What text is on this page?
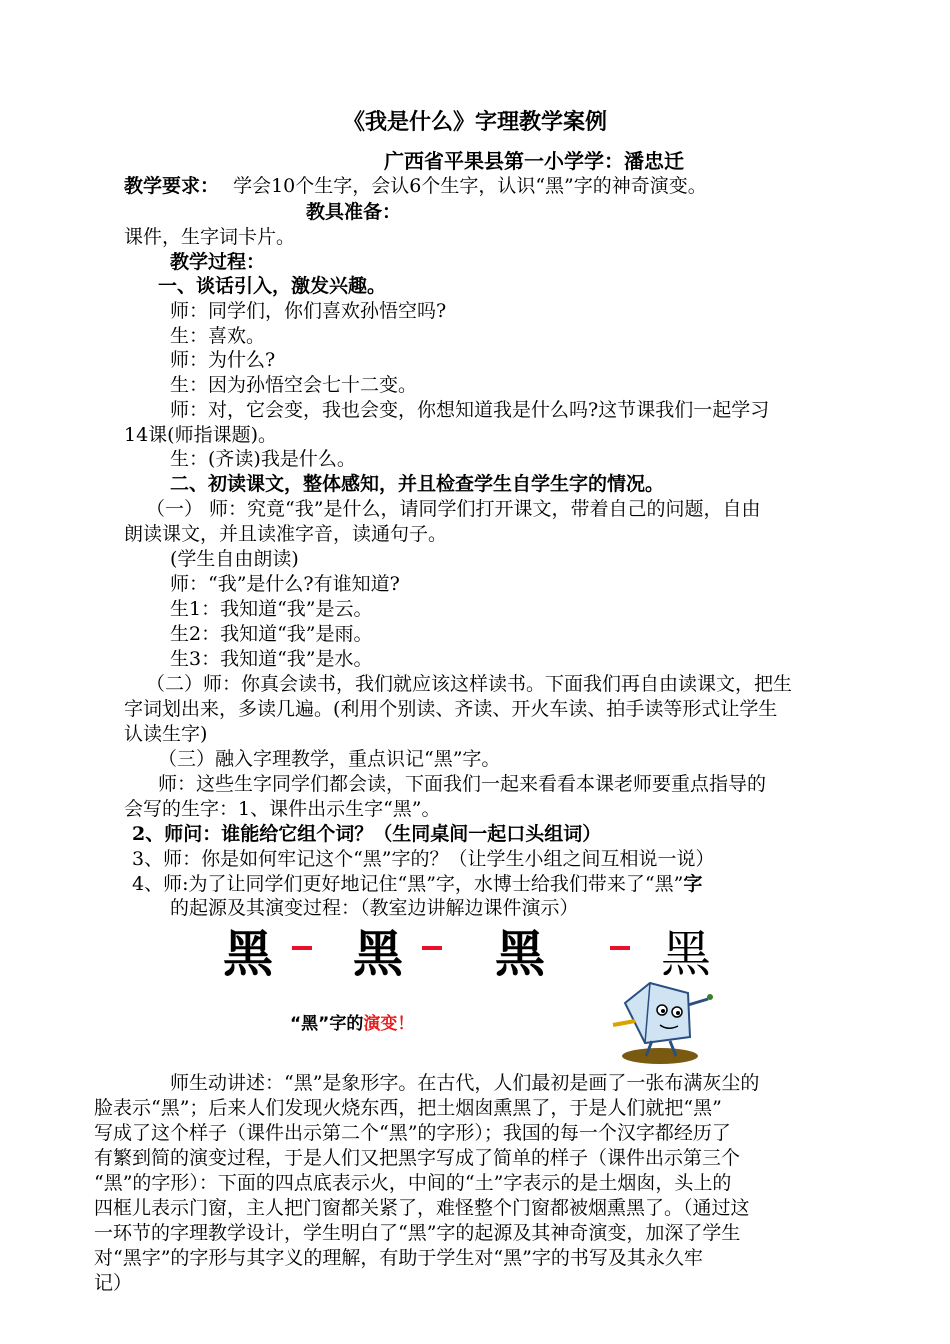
《我是什么》字理教学案例
广西省平果县第一小学学：潘忠迁
教学要求： 学会10个生字，会认6个生字，认识“黑”字的神奇演变。
教具准备：
课件，生字词卡片。
教学过程：
一、谈话引入，激发兴趣。
师：同学们，你们喜欢孙悟空吗?
生：喜欢。
师：为什么?
生：因为孙悟空会七十二变。
师：对，它会变，我也会变，你想知道我是什么吗?这节课我们一起学习
14课(师指课题)。
生：(齐读)我是什么。
二、初读课文，整体感知，并且检查学生自学生字的情况。
（一） 师：究竟“我”是什么，请同学们打开课文，带着自己的问题，自由
朗读课文，并且读准字音，读通句子。
(学生自由朗读)
师：“我”是什么?有谁知道?
生1：我知道“我”是云。
生2：我知道“我”是雨。
生3：我知道“我”是水。
（二）师：你真会读书，我们就应该这样读书。下面我们再自由读课文，把生
字词划出来，多读几遍。(利用个别读、齐读、开火车读、拍手读等形式让学生
认读生字)
（三）融入字理教学，重点识记“黑”字。
师：这些生字同学们都会读，下面我们一起来看看本课老师要重点指导的
会写的生字：1、课件出示生字“黑”。
2、师问：谁能给它组个词？（生同桌间一起口头组词）
3、师：你是如何牢记这个“黑”字的？（让学生小组之间互相说一说）
4、师:为了让同学们更好地记住“黑”字，水博士给我们带来了“黑”字
的起源及其演变过程：（教室边讲解边课件演示）
黑 黑 黑 黑
“黑”字的演变！
师生动讲述：“黑”是象形字。在古代，人们最初是画了一张布满灰尘的
脸表示“黑”；后来人们发现火烧东西，把土烟囱熏黑了，于是人们就把“黑”
写成了这个样子（课件出示第二个“黑”的字形）；我国的每一个汉字都经历了
有繁到简的演变过程，于是人们又把黑字写成了简单的样子（课件出示第三个
“黑”的字形）：下面的四点底表示火，中间的“土”字表示的是土烟囱，头上的
四框儿表示门窗，主人把门窗都关紧了，难怪整个门窗都被烟熏黑了。（通过这
一环节的字理教学设计，学生明白了“黑”字的起源及其神奇演变，加深了学生
对“黑字”的字形与其字义的理解，有助于学生对“黑”字的书写及其永久牢
记）
